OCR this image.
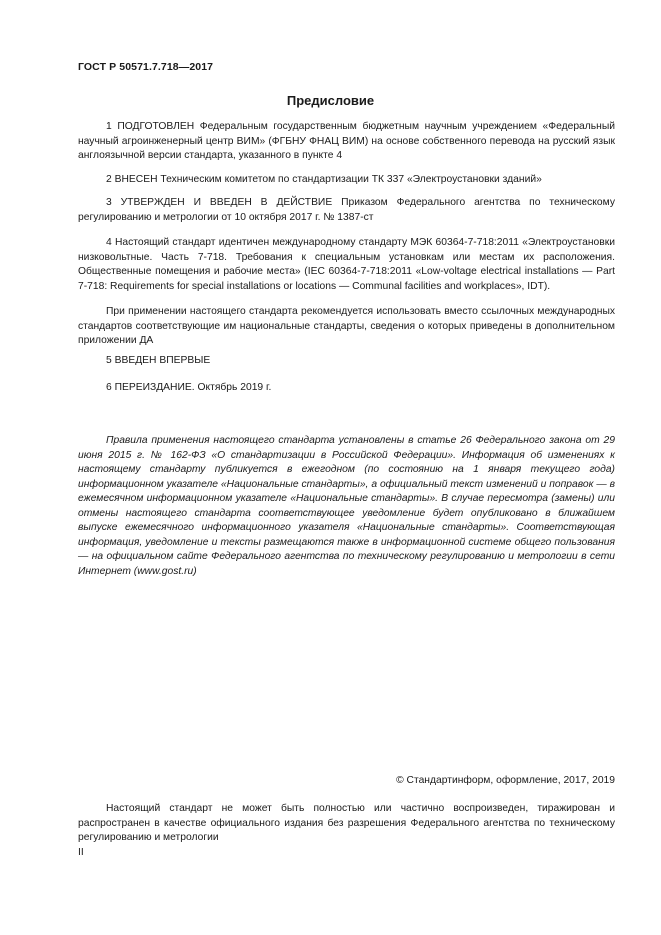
ГОСТ Р 50571.7.718—2017
Предисловие
1 ПОДГОТОВЛЕН Федеральным государственным бюджетным научным учреждением «Федеральный научный агроинженерный центр ВИМ» (ФГБНУ ФНАЦ ВИМ) на основе собственного перевода на русский язык англоязычной версии стандарта, указанного в пункте 4
2 ВНЕСЕН Техническим комитетом по стандартизации ТК 337 «Электроустановки зданий»
3 УТВЕРЖДЕН И ВВЕДЕН В ДЕЙСТВИЕ Приказом Федерального агентства по техническому регулированию и метрологии от 10 октября 2017 г. № 1387-ст
4 Настоящий стандарт идентичен международному стандарту МЭК 60364-7-718:2011 «Электроустановки низковольтные. Часть 7-718. Требования к специальным установкам или местам их расположения. Общественные помещения и рабочие места» (IEC 60364-7-718:2011 «Low-voltage electrical installations — Part 7-718: Requirements for special installations or locations — Communal facilities and workplaces», IDT).
При применении настоящего стандарта рекомендуется использовать вместо ссылочных международных стандартов соответствующие им национальные стандарты, сведения о которых приведены в дополнительном приложении ДА
5 ВВЕДЕН ВПЕРВЫЕ
6 ПЕРЕИЗДАНИЕ. Октябрь 2019 г.
Правила применения настоящего стандарта установлены в статье 26 Федерального закона от 29 июня 2015 г. № 162-ФЗ «О стандартизации в Российской Федерации». Информация об изменениях к настоящему стандарту публикуется в ежегодном (по состоянию на 1 января текущего года) информационном указателе «Национальные стандарты», а официальный текст изменений и поправок — в ежемесячном информационном указателе «Национальные стандарты». В случае пересмотра (замены) или отмены настоящего стандарта соответствующее уведомление будет опубликовано в ближайшем выпуске ежемесячного информационного указателя «Национальные стандарты». Соответствующая информация, уведомление и тексты размещаются также в информационной системе общего пользования — на официальном сайте Федерального агентства по техническому регулированию и метрологии в сети Интернет (www.gost.ru)
© Стандартинформ, оформление, 2017, 2019
Настоящий стандарт не может быть полностью или частично воспроизведен, тиражирован и распространен в качестве официального издания без разрешения Федерального агентства по техническому регулированию и метрологии
II
